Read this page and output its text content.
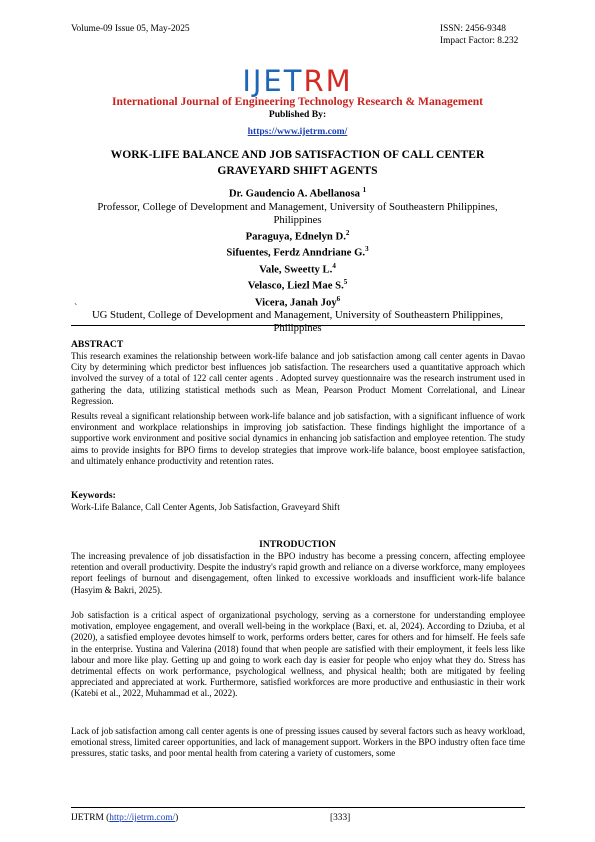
Volume-09 Issue 05, May-2025	ISSN: 2456-9348
Impact Factor: 8.232
IJETRM
International Journal of Engineering Technology Research & Management
Published By:
https://www.ijetrm.com/
WORK-LIFE BALANCE AND JOB SATISFACTION OF CALL CENTER
GRAVEYARD SHIFT AGENTS
Dr. Gaudencio A. Abellanosa $^1$
Professor, College of Development and Management, University of Southeastern Philippines,
Philippines
Paraguya, Ednelyn D.$^2$
Sifuentes, Ferdz Anndriane G.$^3$
Vale, Sweetty L.$^4$
Velasco, Liezl Mae S.$^5$
Vicera, Janah Joy$^6$
UG Student, College of Development and Management, University of Southeastern Philippines,
Philippines
`
ABSTRACT
This research examines the relationship between work-life balance and job satisfaction among call center agents in Davao City by determining which predictor best influences job satisfaction. The researchers used a quantitative approach which involved the survey of a total of 122 call center agents . Adopted survey questionnaire was the research instrument used in gathering the data, utilizing statistical methods such as Mean, Pearson Product Moment Correlational, and Linear Regression.
Results reveal a significant relationship between work-life balance and job satisfaction, with a significant influence of work environment and workplace relationships in improving job satisfaction. These findings highlight the importance of a supportive work environment and positive social dynamics in enhancing job satisfaction and employee retention. The study aims to provide insights for BPO firms to develop strategies that improve work-life balance, boost employee satisfaction, and ultimately enhance productivity and retention rates.
Keywords:
Work-Life Balance, Call Center Agents, Job Satisfaction, Graveyard Shift
INTRODUCTION
The increasing prevalence of job dissatisfaction in the BPO industry has become a pressing concern, affecting employee retention and overall productivity. Despite the industry's rapid growth and reliance on a diverse workforce, many employees report feelings of burnout and disengagement, often linked to excessive workloads and insufficient work-life balance (Hasyim & Bakri, 2025).
Job satisfaction is a critical aspect of organizational psychology, serving as a cornerstone for understanding employee motivation, employee engagement, and overall well-being in the workplace (Baxi, et. al, 2024). According to Dziuba, et al (2020), a satisfied employee devotes himself to work, performs orders better, cares for others and for himself. He feels safe in the enterprise. Yustina and Valerina (2018) found that when people are satisfied with their employment, it feels less like labour and more like play. Getting up and going to work each day is easier for people who enjoy what they do. Stress has detrimental effects on work performance, psychological wellness, and physical health; both are mitigated by feeling appreciated and appreciated at work. Furthermore, satisfied workforces are more productive and enthusiastic in their work (Katebi et al., 2022, Muhammad et al., 2022).
Lack of job satisfaction among call center agents is one of pressing issues caused by several factors such as heavy workload, emotional stress, limited career opportunities, and lack of management support. Workers in the BPO industry often face time pressures, static tasks, and poor mental health from catering a variety of customers, some
IJETRM (http://ijetrm.com/)	[333]
